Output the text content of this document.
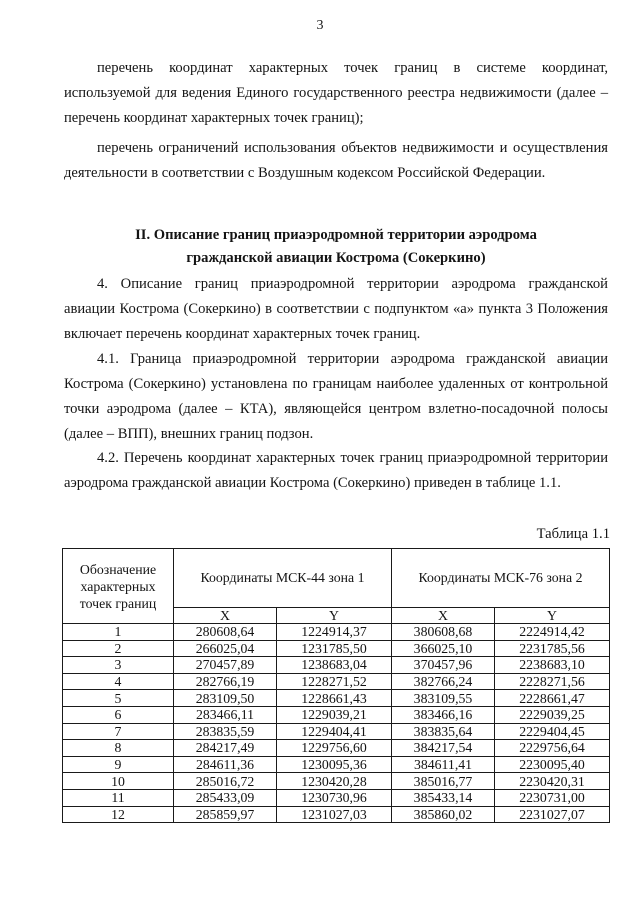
3

перечень координат характерных точек границ в системе координат, используемой для ведения Единого государственного реестра недвижимости (далее – перечень координат характерных точек границ);

перечень ограничений использования объектов недвижимости и осуществления деятельности в соответствии с Воздушным кодексом Российской Федерации.

II. Описание границ приаэродромной территории аэродрома
гражданской авиации Кострома (Сокеркино)

4. Описание границ приаэродромной территории аэродрома гражданской авиации Кострома (Сокеркино) в соответствии с подпунктом «а» пункта 3 Положения включает перечень координат характерных точек границ.

4.1. Граница приаэродромной территории аэродрома гражданской авиации Кострома (Сокеркино) установлена по границам наиболее удаленных от контрольной точки аэродрома (далее – КТА), являющейся центром взлетно-посадочной полосы (далее – ВПП), внешних границ подзон.

4.2. Перечень координат характерных точек границ приаэродромной территории аэродрома гражданской авиации Кострома (Сокеркино) приведен в таблице 1.1.

Таблица 1.1
Обозначение характерных точек границ	Координаты МСК-44 зона 1		Координаты МСК-76 зона 2	
	X	Y	X	Y
1	280608,64	1224914,37	380608,68	2224914,42
2	266025,04	1231785,50	366025,10	2231785,56
3	270457,89	1238683,04	370457,96	2238683,10
4	282766,19	1228271,52	382766,24	2228271,56
5	283109,50	1228661,43	383109,55	2228661,47
6	283466,11	1229039,21	383466,16	2229039,25
7	283835,59	1229404,41	383835,64	2229404,45
8	284217,49	1229756,60	384217,54	2229756,64
9	284611,36	1230095,36	384611,41	2230095,40
10	285016,72	1230420,28	385016,77	2230420,31
11	285433,09	1230730,96	385433,14	2230731,00
12	285859,97	1231027,03	385860,02	2231027,07
